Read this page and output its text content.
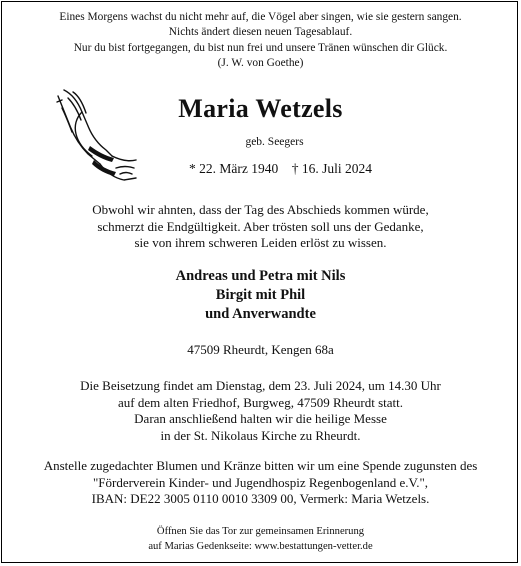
Eines Morgens wachst du nicht mehr auf, die Vögel aber singen, wie sie gestern sangen.
Nichts ändert diesen neuen Tagesablauf.
Nur du bist fortgegangen, du bist nun frei und unsere Tränen wünschen dir Glück.
(J. W. von Goethe)
Maria Wetzels
geb. Seegers
* 22. März 1940 † 16. Juli 2024
Obwohl wir ahnten, dass der Tag des Abschieds kommen würde,
schmerzt die Endgültigkeit. Aber trösten soll uns der Gedanke,
sie von ihrem schweren Leiden erlöst zu wissen.
Andreas und Petra mit Nils
Birgit mit Phil
und Anverwandte
47509 Rheurdt, Kengen 68a
Die Beisetzung findet am Dienstag, dem 23. Juli 2024, um 14.30 Uhr
auf dem alten Friedhof, Burgweg, 47509 Rheurdt statt.
Daran anschließend halten wir die heilige Messe
in der St. Nikolaus Kirche zu Rheurdt.
Anstelle zugedachter Blumen und Kränze bitten wir um eine Spende zugunsten des
"Förderverein Kinder- und Jugendhospiz Regenbogenland e.V.",
IBAN: DE22 3005 0110 0010 3309 00, Vermerk: Maria Wetzels.
Öffnen Sie das Tor zur gemeinsamen Erinnerung
auf Marias Gedenkseite: www.bestattungen-vetter.de
